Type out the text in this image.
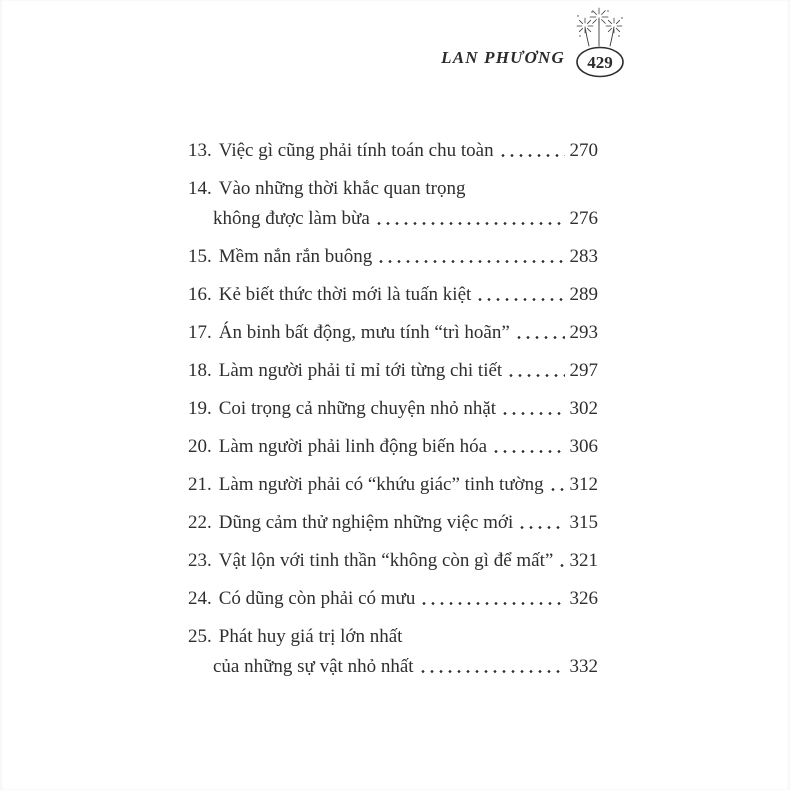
LAN PHƯƠNG 429
13. Việc gì cũng phải tính toán chu toàn	270
14. Vào những thời khắc quan trọng
không được làm bừa	276
15. Mềm nắn rắn buông	283
16. Kẻ biết thức thời mới là tuấn kiệt	289
17. Án binh bất động, mưu tính “trì hoãn”	293
18. Làm người phải tỉ mỉ tới từng chi tiết	297
19. Coi trọng cả những chuyện nhỏ nhặt	302
20. Làm người phải linh động biến hóa	306
21. Làm người phải có “khứu giác” tinh tường 312
22. Dũng cảm thử nghiệm những việc mới	315
23. Vật lộn với tinh thần “không còn gì để mất” 321
24. Có dũng còn phải có mưu	326
25. Phát huy giá trị lớn nhất
của những sự vật nhỏ nhất	332
